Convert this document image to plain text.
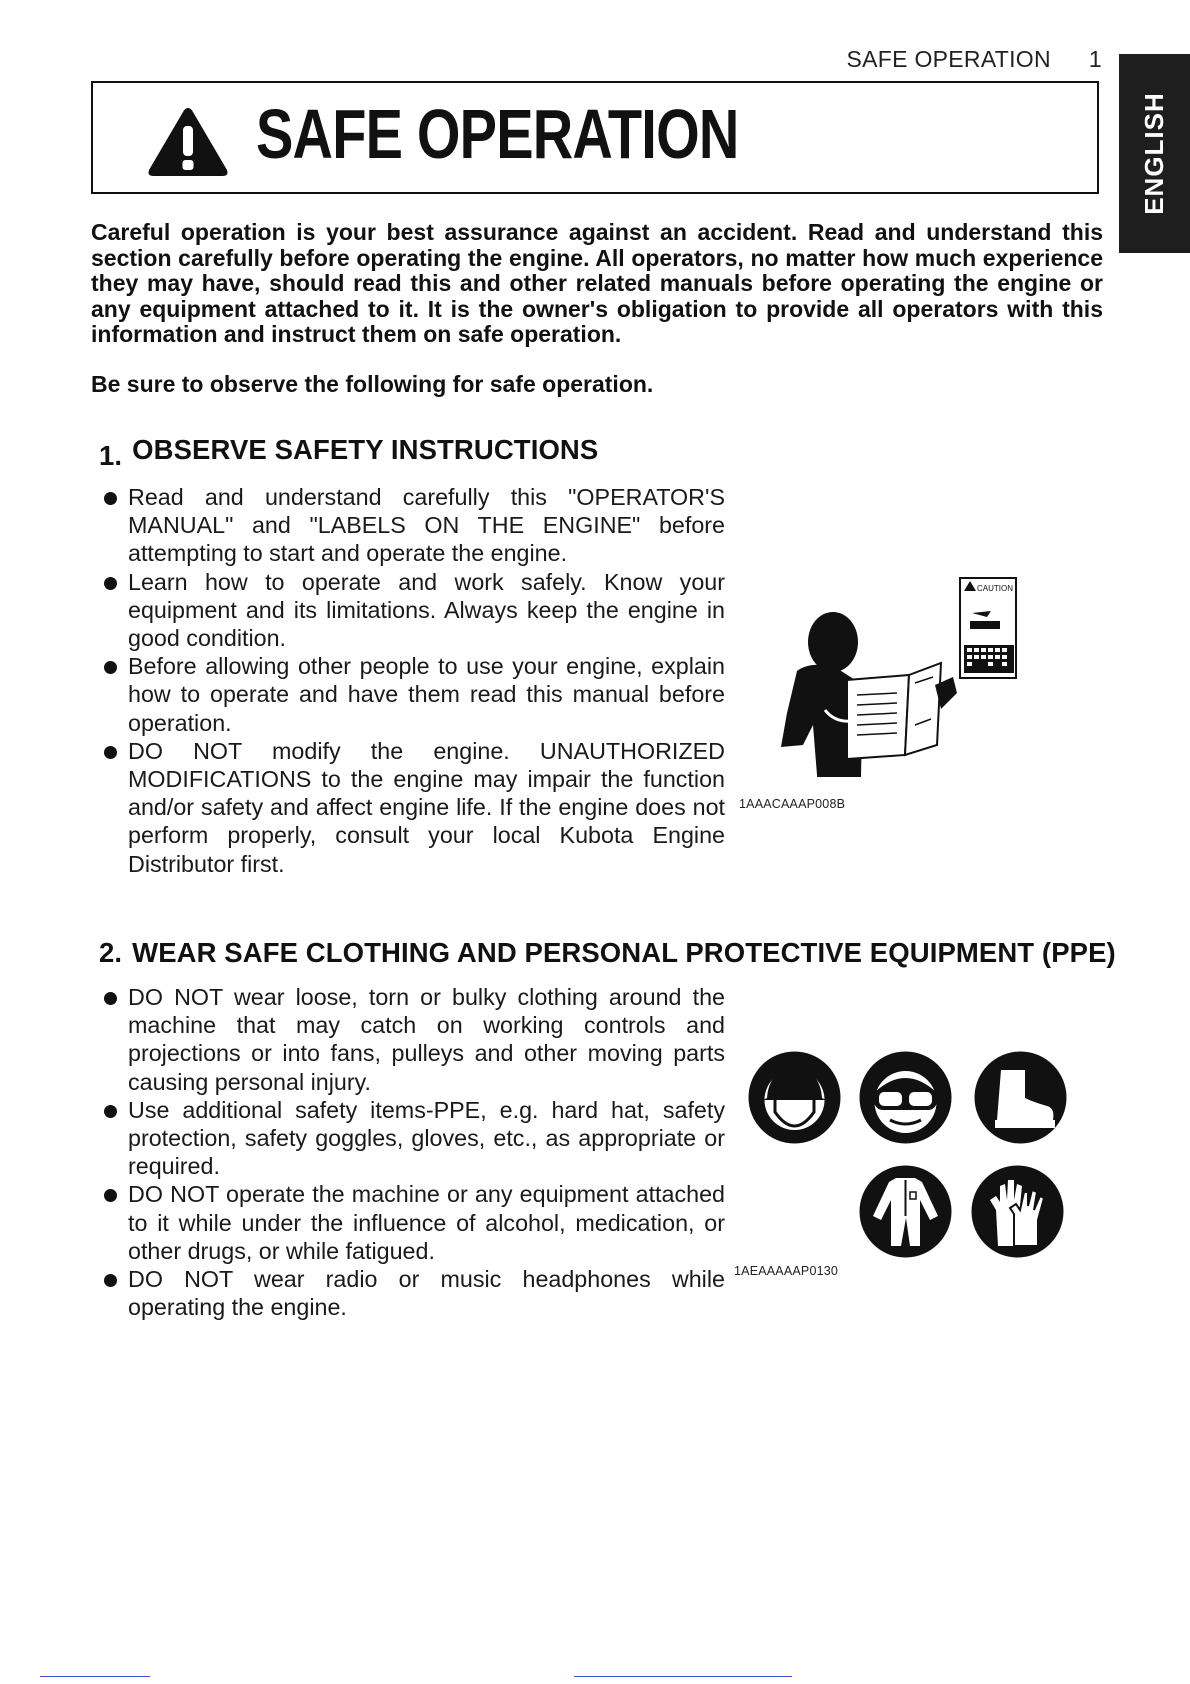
SAFE OPERATION 1
ENGLISH
SAFE OPERATION

Careful operation is your best assurance against an accident. Read and understand this section carefully before operating the engine. All operators, no matter how much experience they may have, should read this and other related manuals before operating the engine or any equipment attached to it. It is the owner's obligation to provide all operators with this information and instruct them on safe operation.

Be sure to observe the following for safe operation.

1. OBSERVE SAFETY INSTRUCTIONS
Read and understand carefully this "OPERATOR'S MANUAL" and "LABELS ON THE ENGINE" before attempting to start and operate the engine.
Learn how to operate and work safely. Know your equipment and its limitations. Always keep the engine in good condition.
Before allowing other people to use your engine, explain how to operate and have them read this manual before operation.
DO NOT modify the engine. UNAUTHORIZED MODIFICATIONS to the engine may impair the function and/or safety and affect engine life. If the engine does not perform properly, consult your local Kubota Engine Distributor first.
CAUTION
1AAACAAAP008B
2. WEAR SAFE CLOTHING AND PERSONAL PROTECTIVE EQUIPMENT (PPE)
DO NOT wear loose, torn or bulky clothing around the machine that may catch on working controls and projections or into fans, pulleys and other moving parts causing personal injury.
Use additional safety items-PPE, e.g. hard hat, safety protection, safety goggles, gloves, etc., as appropriate or required.
DO NOT operate the machine or any equipment attached to it while under the influence of alcohol, medication, or other drugs, or while fatigued.
DO NOT wear radio or music headphones while operating the engine.
1AEAAAAAP0130
